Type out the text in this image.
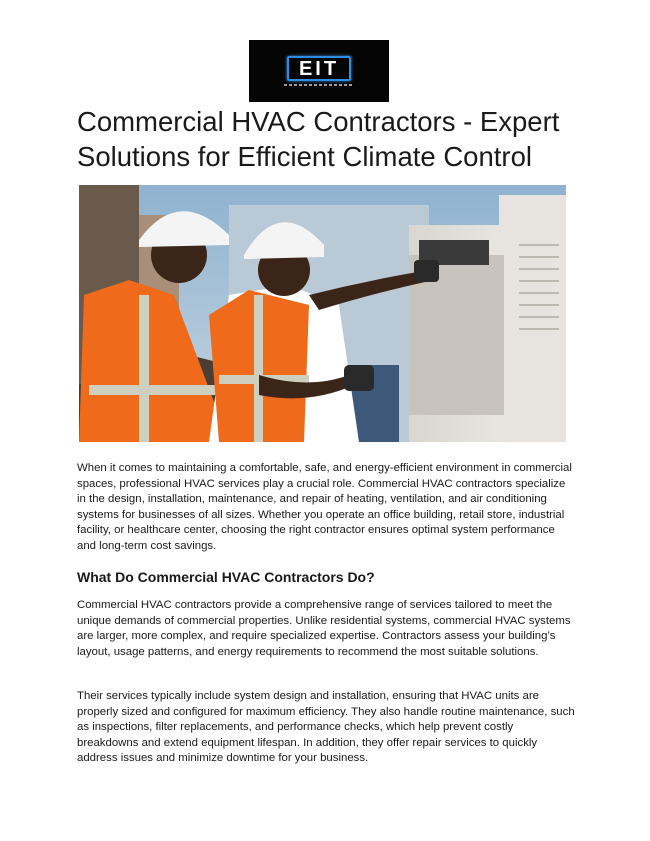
EIT
Commercial HVAC Contractors - Expert Solutions for Efficient Climate Control

When it comes to maintaining a comfortable, safe, and energy-efficient environment in commercial spaces, professional HVAC services play a crucial role. Commercial HVAC contractors specialize in the design, installation, maintenance, and repair of heating, ventilation, and air conditioning systems for businesses of all sizes. Whether you operate an office building, retail store, industrial facility, or healthcare center, choosing the right contractor ensures optimal system performance and long-term cost savings.

What Do Commercial HVAC Contractors Do?

Commercial HVAC contractors provide a comprehensive range of services tailored to meet the unique demands of commercial properties. Unlike residential systems, commercial HVAC systems are larger, more complex, and require specialized expertise. Contractors assess your building’s layout, usage patterns, and energy requirements to recommend the most suitable solutions.

Their services typically include system design and installation, ensuring that HVAC units are properly sized and configured for maximum efficiency. They also handle routine maintenance, such as inspections, filter replacements, and performance checks, which help prevent costly breakdowns and extend equipment lifespan. In addition, they offer repair services to quickly address issues and minimize downtime for your business.
